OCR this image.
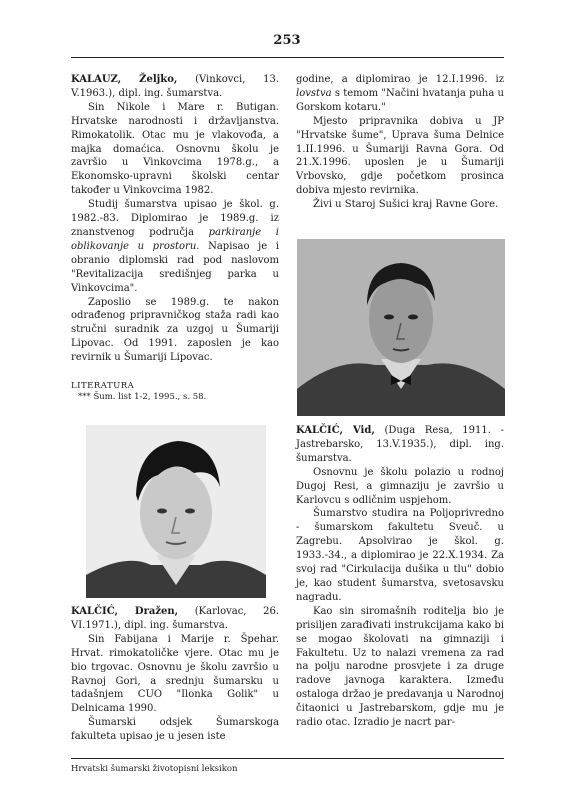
253

KALAUZ, Željko, (Vinkovci, 13. V.1963.), dipl. ing. šumarstva.

Sin Nikole i Mare r. Butigan. Hrvatske narodnosti i državljanstva. Rimokatolik. Otac mu je vlakovođa, a majka domaćica. Osnovnu školu je završio u Vinkovcima 1978.g., a Ekonomsko-upravni školski centar također u Vinkovcima 1982.

Studij šumarstva upisao je škol. g. 1982.-83. Diplomirao je 1989.g. iz znanstvenog područja parkiranje i oblikovanje u prostoru. Napisao je i obranio diplomski rad pod naslovom "Revitalizacija središnjeg parka u Vinkovcima".

Zaposlio se 1989.g. te nakon odrađenog pripravničkog staža radi kao stručni suradnik za uzgoj u Šumariji Lipovac. Od 1991. zaposlen je kao revirnik u Šumariji Lipovac.

LITERATURA
*** Šum. list 1-2, 1995., s. 58.

KALČIĆ, Dražen, (Karlovac, 26. VI.1971.), dipl. ing. šumarstva.

Sin Fabijana i Marije r. Špehar. Hrvat. rimokatoličke vjere. Otac mu je bio trgovac. Osnovnu je školu završio u Ravnoj Gori, a srednju šumarsku u tadašnjem CUO "Ilonka Golik" u Delnicama 1990.

Šumarski odsjek Šumarskoga fakulteta upisao je u jesen iste

godine, a diplomirao je 12.I.1996. iz lovstva s temom "Načini hvatanja puha u Gorskom kotaru."

Mjesto pripravnika dobiva u JP "Hrvatske šume", Uprava šuma Delnice 1.II.1996. u Šumariji Ravna Gora. Od 21.X.1996. uposlen je u Šumariji Vrbovsko, gdje početkom prosinca dobiva mjesto revirnika.

Živi u Staroj Sušici kraj Ravne Gore.

KALČIĆ, Vid, (Duga Resa, 1911. - Jastrebarsko, 13.V.1935.), dipl. ing. šumarstva.

Osnovnu je školu polazio u rodnoj Dugoj Resi, a gimnaziju je završio u Karlovcu s odličnim uspjehom.

Šumarstvo studira na Poljoprivredno - šumarskom fakultetu Sveuč. u Zagrebu. Apsolvirao je škol. g. 1933.-34., a diplomirao je 22.X.1934. Za svoj rad "Cirkulacija dušika u tlu" dobio je, kao student šumarstva, svetosavsku nagradu.

Kao sin siromašnih roditelja bio je prisiljen zarađivati instrukcijama kako bi se mogao školovati na gimnaziji i Fakultetu. Uz to nalazi vremena za rad na polju narodne prosvjete i za druge radove javnoga karaktera. Između ostaloga držao je predavanja u Narodnoj čitaonici u Jastrebarskom, gdje mu je radio otac. Izradio je nacrt par-

Hrvatski šumarski životopisni leksikon
